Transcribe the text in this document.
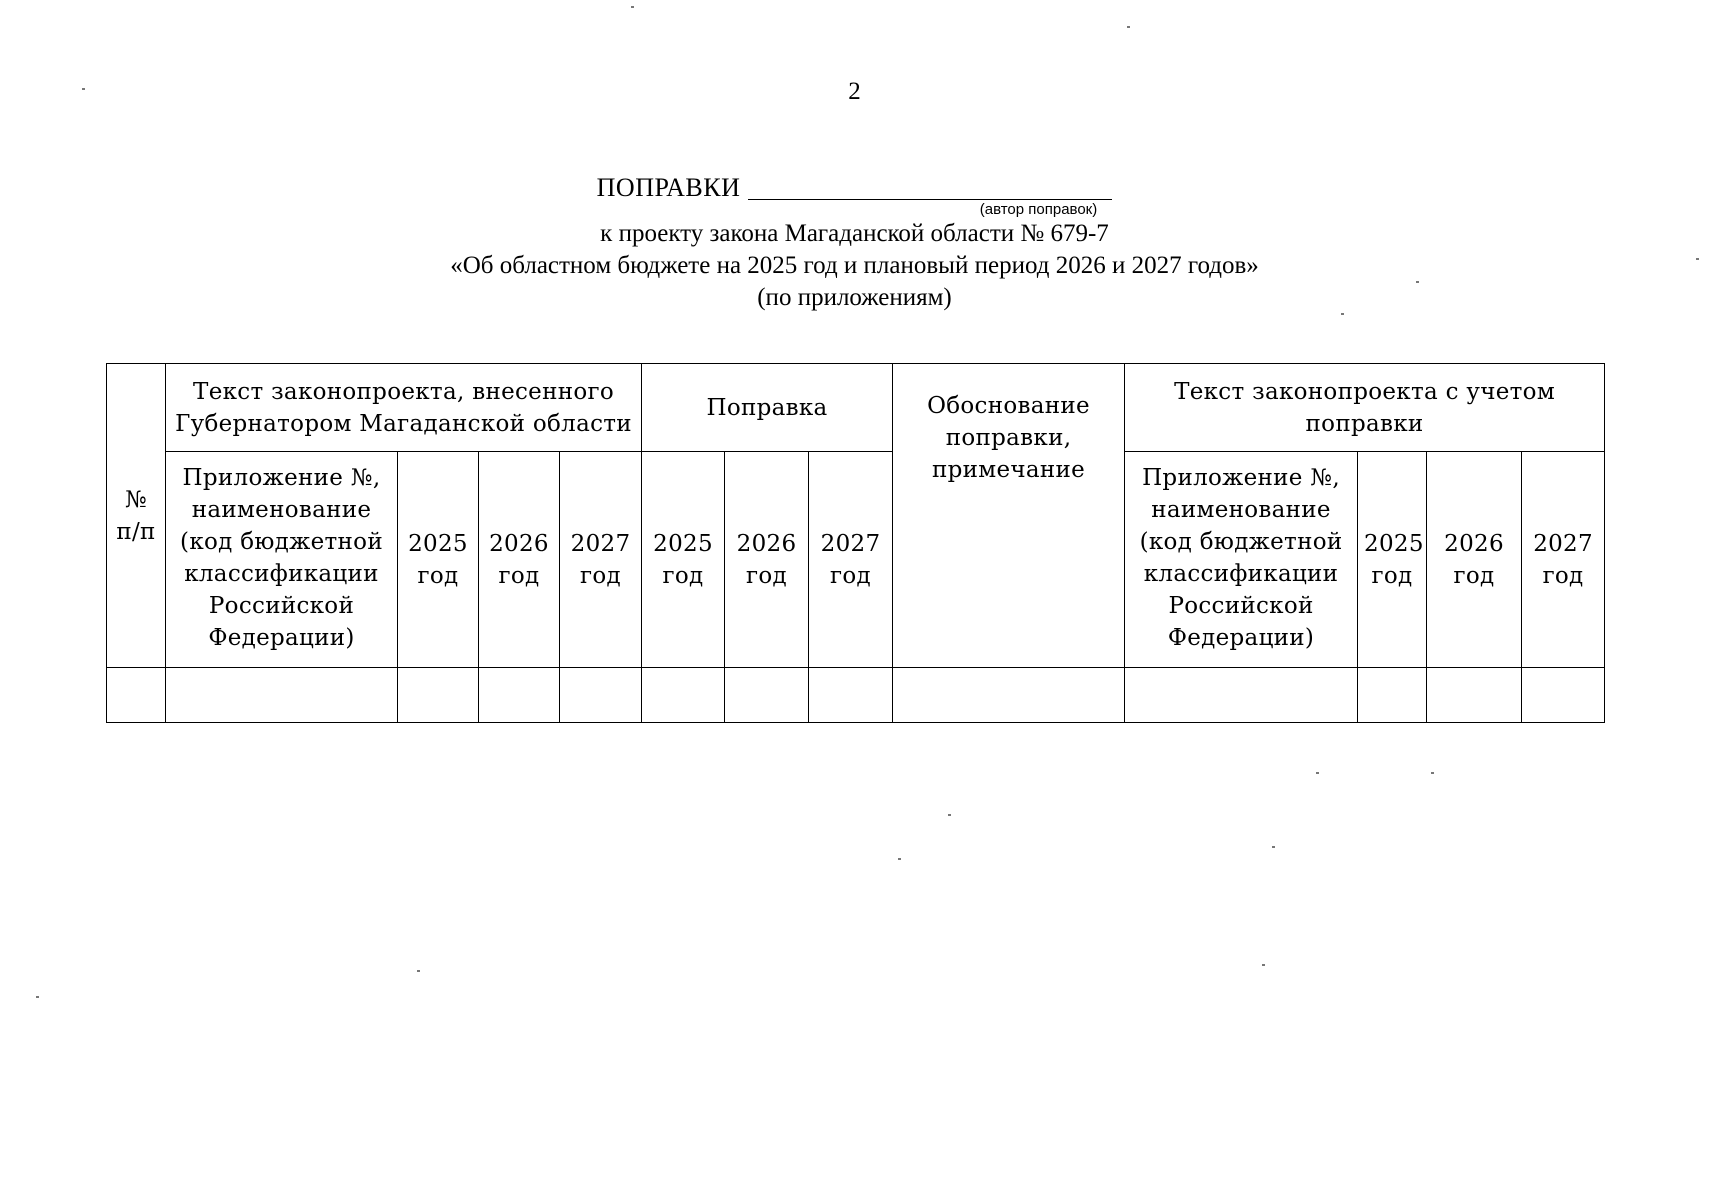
2
ПОПРАВКИ
(автор поправок)
к проекту закона Магаданской области № 679-7
«Об областном бюджете на 2025 год и плановый период 2026 и 2027 годов»
(по приложениям)
№ п/п	Текст законопроекта, внесенного Губернатором Магаданской области				Поправка			Обоснование поправки, примечание	Текст законопроекта с учетом поправки			
	Приложение №, наименование (код бюджетной классификации Российской Федерации)	2025 год	2026 год	2027 год	2025 год	2026 год	2027 год		Приложение №, наименование (код бюджетной классификации Российской Федерации)	2025 год	2026 год	2027 год
